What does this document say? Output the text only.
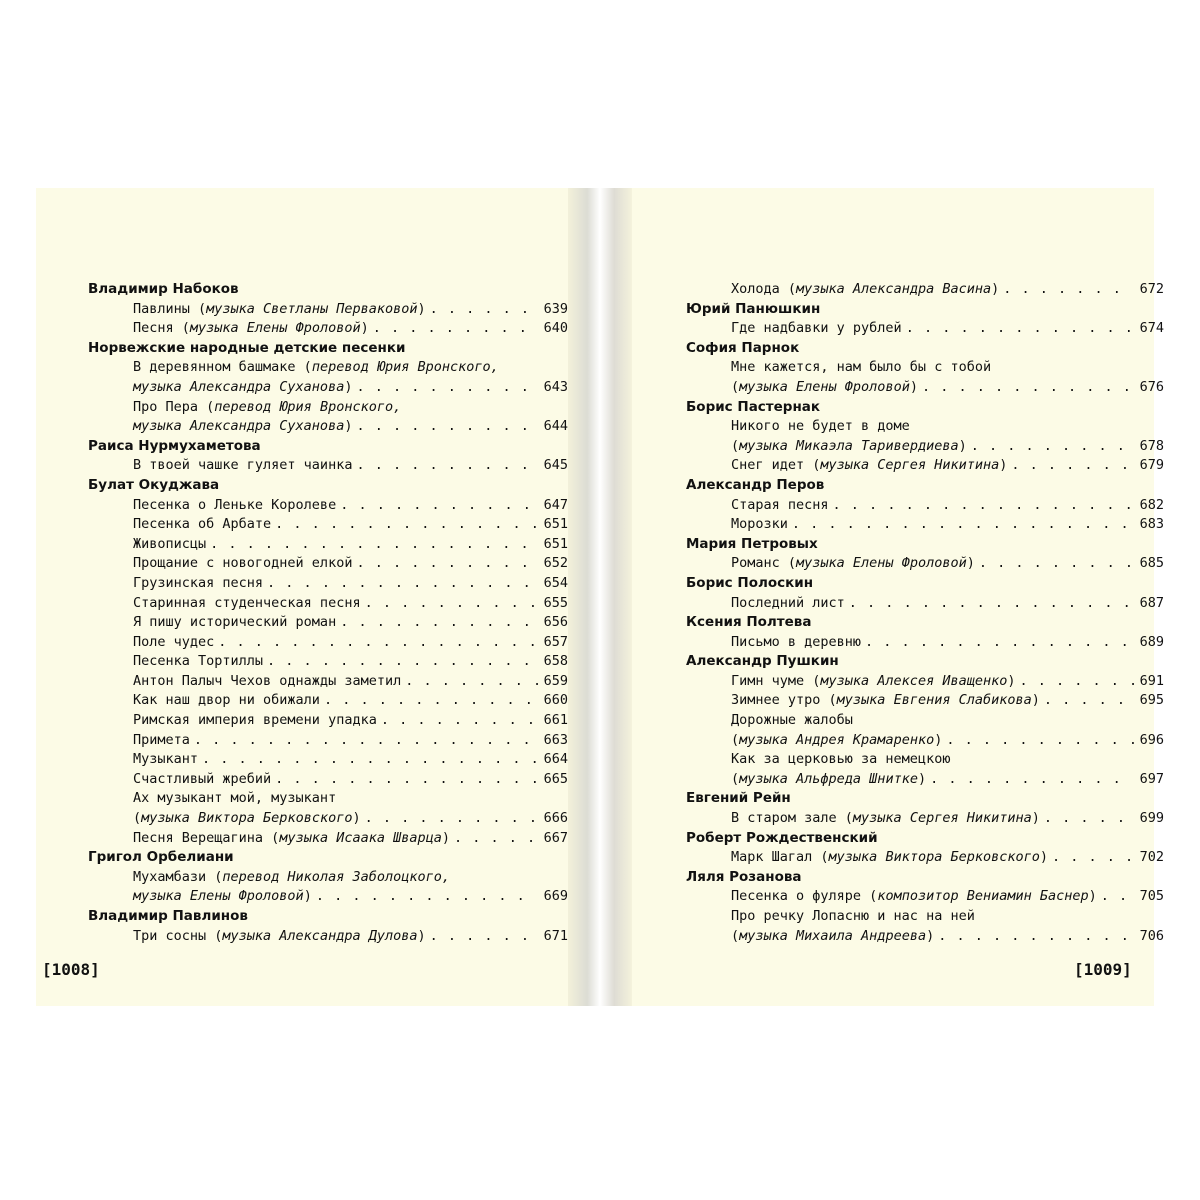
Владимир Набоков
Павлины (музыка Светланы Перваковой) . . .	639
Песня (музыка Елены Фроловой) . . .	640
Норвежские народные детские песенки
В деревянном башмаке (перевод Юрия Вронского,
музыка Александра Суханова) . . .	643
Про Пера (перевод Юрия Вронского,
музыка Александра Суханова) . . .	644
Раиса Нурмухаметова
В твоей чашке гуляет чаинка . . .	645
Булат Окуджава
Песенка о Леньке Королеве . . .	647
Песенка об Арбате . . .	651
Живописцы . . .	651
Прощание с новогодней елкой . . .	652
Грузинская песня . . .	654
Старинная студенческая песня . . .	655
Я пишу исторический роман . . .	656
Поле чудес . . .	657
Песенка Тортиллы . . .	658
Антон Палыч Чехов однажды заметил . . .	659
Как наш двор ни обижали . . .	660
Римская империя времени упадка . . .	661
Примета . . .	663
Музыкант . . .	664
Счастливый жребий . . .	665
Ах музыкант мой, музыкант
(музыка Виктора Берковского) . . .	666
Песня Верещагина (музыка Исаака Шварца) . . .	667
Григол Орбелиани
Мухамбази (перевод Николая Заболоцкого,
музыка Елены Фроловой) . . .	669
Владимир Павлинов
Три сосны (музыка Александра Дулова) . . .	671
Холода (музыка Александра Васина) . . .	672
Юрий Панюшкин
Где надбавки у рублей . . .	674
София Парнок
Мне кажется, нам было бы с тобой
(музыка Елены Фроловой) . . .	676
Борис Пастернак
Никого не будет в доме
(музыка Микаэла Таривердиева) . . .	678
Снег идет (музыка Сергея Никитина) . . .	679
Александр Перов
Старая песня . . .	682
Морозки . . .	683
Мария Петровых
Романс (музыка Елены Фроловой) . . .	685
Борис Полоскин
Последний лист . . .	687
Ксения Полтева
Письмо в деревню . . .	689
Александр Пушкин
Гимн чуме (музыка Алексея Иващенко) . . .	691
Зимнее утро (музыка Евгения Слабикова) . . .	695
Дорожные жалобы
(музыка Андрея Крамаренко) . . .	696
Как за церковью за немецкою
(музыка Альфреда Шнитке) . . .	697
Евгений Рейн
В старом зале (музыка Сергея Никитина) . . .	699
Роберт Рождественский
Марк Шагал (музыка Виктора Берковского) . . .	702
Ляля Розанова
Песенка о фуляре (композитор Вениамин Баснер) . . .	705
Про речку Лопасню и нас на ней
(музыка Михаила Андреева) . . .	706
[1008]	[1009]
